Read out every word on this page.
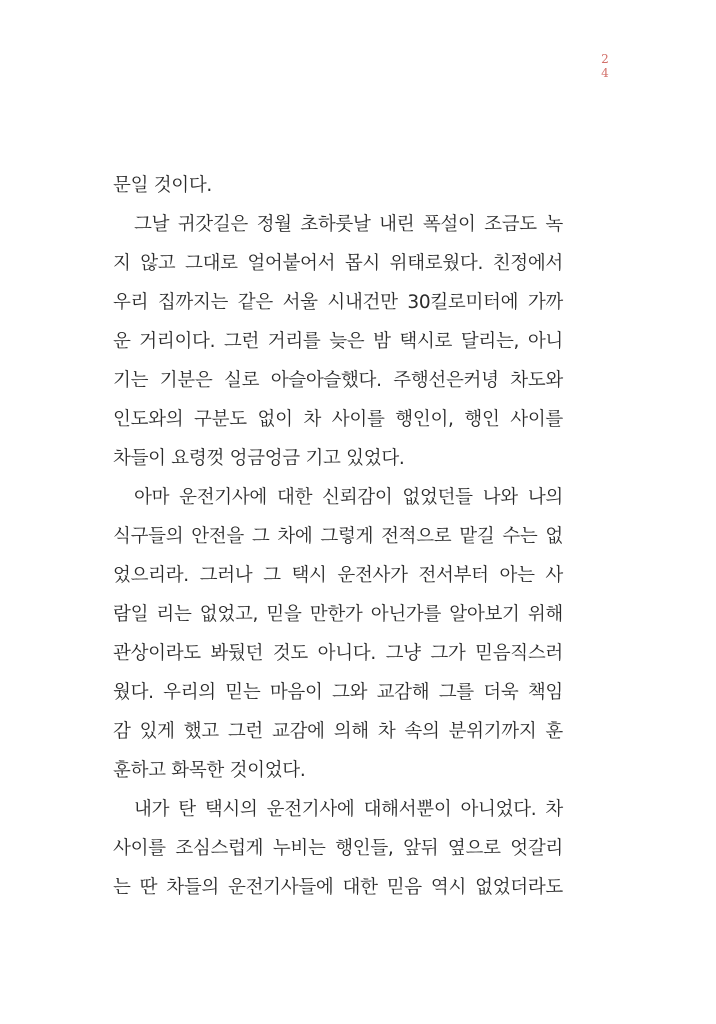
2
4
문일 것이다.
그날 귀갓길은 정월 초하룻날 내린 폭설이 조금도 녹
지 않고 그대로 얼어붙어서 몹시 위태로웠다. 친정에서
우리 집까지는 같은 서울 시내건만 30킬로미터에 가까
운 거리이다. 그런 거리를 늦은 밤 택시로 달리는, 아니
기는 기분은 실로 아슬아슬했다. 주행선은커녕 차도와
인도와의 구분도 없이 차 사이를 행인이, 행인 사이를
차들이 요령껏 엉금엉금 기고 있었다.
아마 운전기사에 대한 신뢰감이 없었던들 나와 나의
식구들의 안전을 그 차에 그렇게 전적으로 맡길 수는 없
었으리라. 그러나 그 택시 운전사가 전서부터 아는 사
람일 리는 없었고, 믿을 만한가 아닌가를 알아보기 위해
관상이라도 봐뒀던 것도 아니다. 그냥 그가 믿음직스러
웠다. 우리의 믿는 마음이 그와 교감해 그를 더욱 책임
감 있게 했고 그런 교감에 의해 차 속의 분위기까지 훈
훈하고 화목한 것이었다.
내가 탄 택시의 운전기사에 대해서뿐이 아니었다. 차
사이를 조심스럽게 누비는 행인들, 앞뒤 옆으로 엇갈리
는 딴 차들의 운전기사들에 대한 믿음 역시 없었더라도
